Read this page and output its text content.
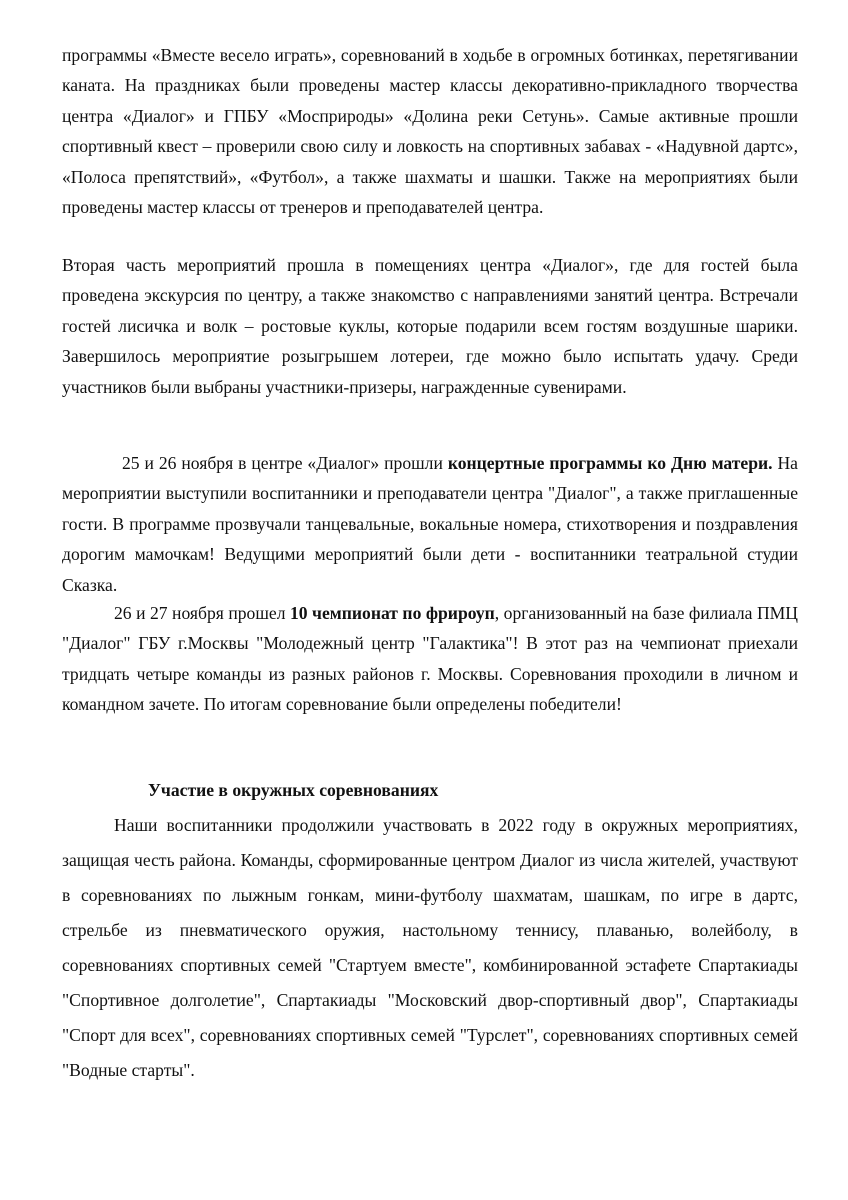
программы «Вместе весело играть», соревнований в ходьбе в огромных ботинках, перетягивании каната. На праздниках были проведены мастер классы декоративно-прикладного творчества центра «Диалог» и ГПБУ «Мосприроды» «Долина реки Сетунь». Самые активные прошли спортивный квест – проверили свою силу и ловкость на спортивных забавах - «Надувной дартс», «Полоса препятствий», «Футбол», а также шахматы и шашки. Также на мероприятиях были проведены мастер классы от тренеров и преподавателей центра.

Вторая часть мероприятий прошла в помещениях центра «Диалог», где для гостей была проведена экскурсия по центру, а также знакомство с направлениями занятий центра. Встречали гостей лисичка и волк – ростовые куклы, которые подарили всем гостям воздушные шарики. Завершилось мероприятие розыгрышем лотереи, где можно было испытать удачу. Среди участников были выбраны участники-призеры, награжденные сувенирами.

25 и 26 ноября в центре «Диалог» прошли концертные программы ко Дню матери. На мероприятии выступили воспитанники и преподаватели центра "Диалог", а также приглашенные гости. В программе прозвучали танцевальные, вокальные номера, стихотворения и поздравления дорогим мамочкам! Ведущими мероприятий были дети - воспитанники театральной студии Сказка.

26 и 27 ноября прошел 10 чемпионат по фрироуп, организованный на базе филиала ПМЦ "Диалог" ГБУ г.Москвы "Молодежный центр "Галактика"! В этот раз на чемпионат приехали тридцать четыре команды из разных районов г. Москвы. Соревнования проходили в личном и командном зачете. По итогам соревнование были определены победители!

Участие в окружных соревнованиях

Наши воспитанники продолжили участвовать в 2022 году в окружных мероприятиях, защищая честь района. Команды, сформированные центром Диалог из числа жителей, участвуют в соревнованиях по лыжным гонкам, мини-футболу шахматам, шашкам, по игре в дартс, стрельбе из пневматического оружия, настольному теннису, плаванью, волейболу, в соревнованиях спортивных семей "Стартуем вместе", комбинированной эстафете Спартакиады "Спортивное долголетие", Спартакиады "Московский двор-спортивный двор", Спартакиады "Спорт для всех", соревнованиях спортивных семей "Турслет", соревнованиях спортивных семей "Водные старты".
